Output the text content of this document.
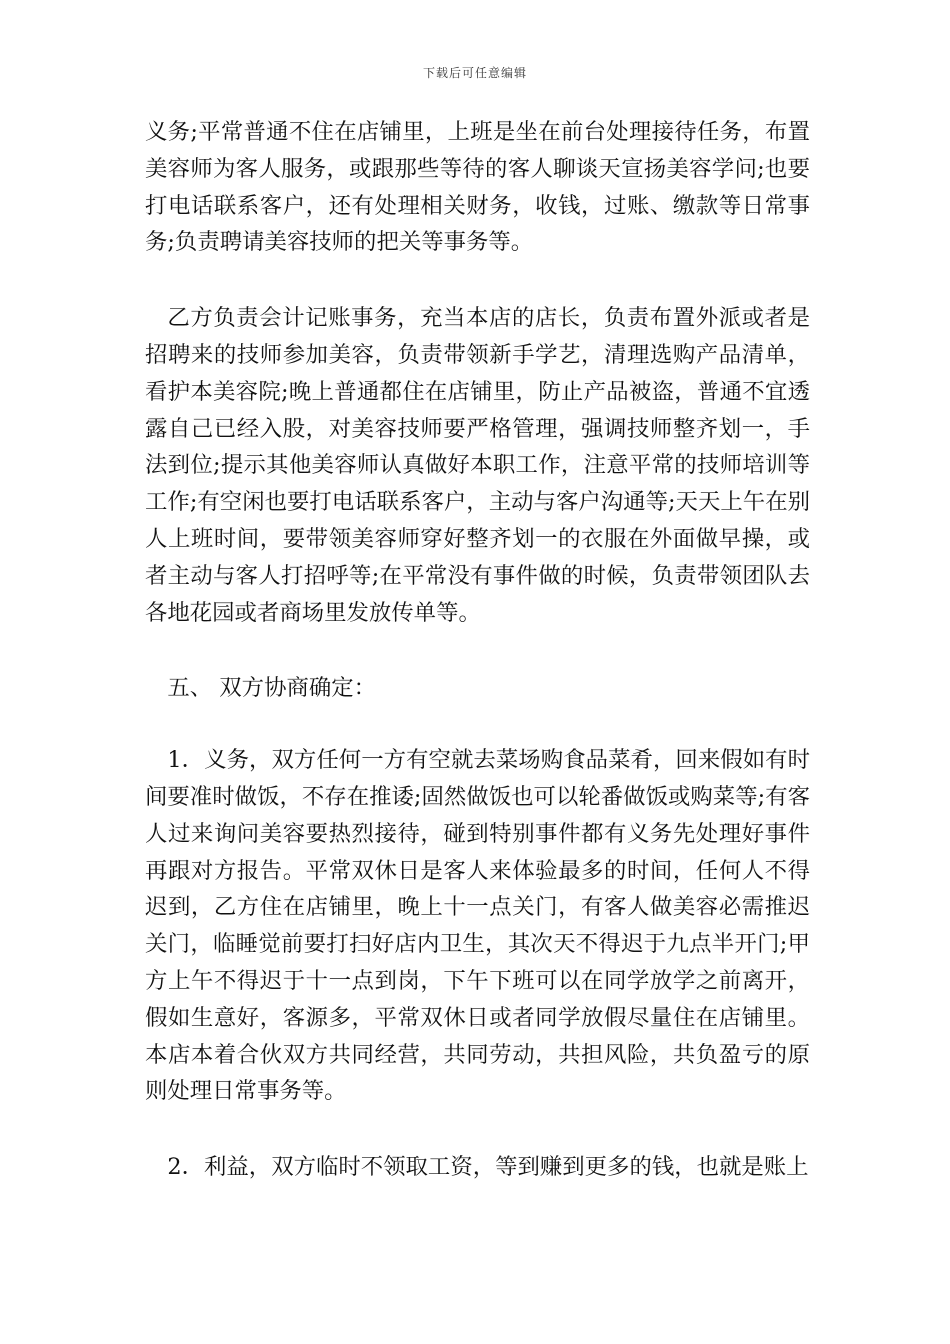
下载后可任意编辑

义务;平常普通不住在店铺里，上班是坐在前台处理接待任务，布置美容师为客人服务，或跟那些等待的客人聊谈天宣扬美容学问;也要打电话联系客户，还有处理相关财务，收钱，过账、缴款等日常事务;负责聘请美容技师的把关等事务等。

乙方负责会计记账事务，充当本店的店长，负责布置外派或者是招聘来的技师参加美容，负责带领新手学艺，清理选购产品清单，看护本美容院;晚上普通都住在店铺里，防止产品被盗，普通不宜透露自己已经入股，对美容技师要严格管理，强调技师整齐划一，手法到位;提示其他美容师认真做好本职工作，注意平常的技师培训等工作;有空闲也要打电话联系客户，主动与客户沟通等;天天上午在别人上班时间，要带领美容师穿好整齐划一的衣服在外面做早操，或者主动与客人打招呼等;在平常没有事件做的时候，负责带领团队去各地花园或者商场里发放传单等。

五、 双方协商确定：

1．义务，双方任何一方有空就去菜场购食品菜肴，回来假如有时间要准时做饭，不存在推诿;固然做饭也可以轮番做饭或购菜等;有客人过来询问美容要热烈接待，碰到特别事件都有义务先处理好事件再跟对方报告。平常双休日是客人来体验最多的时间，任何人不得迟到，乙方住在店铺里，晚上十一点关门，有客人做美容必需推迟关门，临睡觉前要打扫好店内卫生，其次天不得迟于九点半开门;甲方上午不得迟于十一点到岗，下午下班可以在同学放学之前离开，假如生意好，客源多，平常双休日或者同学放假尽量住在店铺里。本店本着合伙双方共同经营，共同劳动，共担风险，共负盈亏的原则处理日常事务等。

2．利益，双方临时不领取工资，等到赚到更多的钱，也就是账上
